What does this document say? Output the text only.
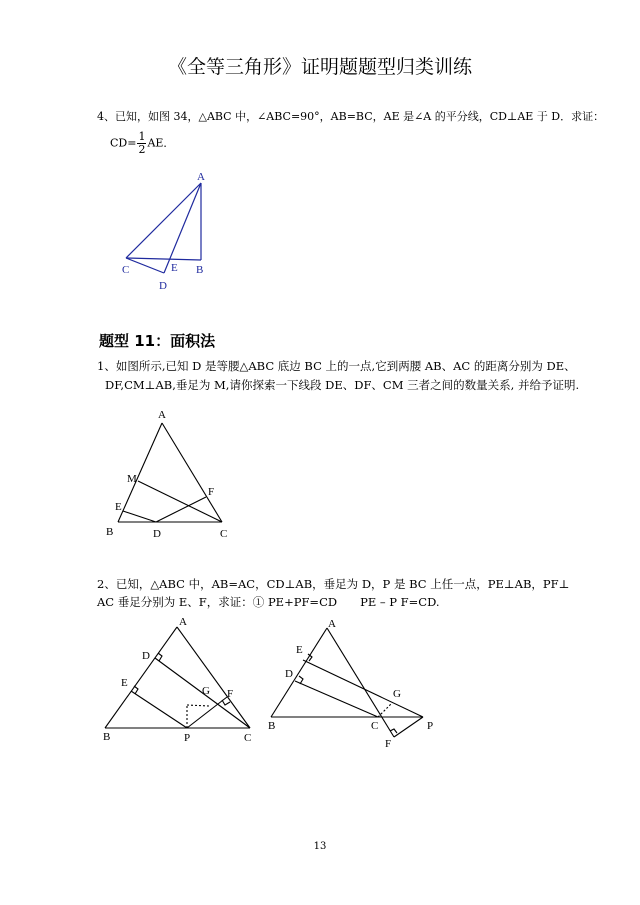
《全等三角形》证明题题型归类训练
4、已知，如图 34，△ABC 中，∠ABC=90°，AB=BC，AE 是∠A 的平分线，CD⊥AE 于 D．求证：
$CD= \frac{1}{2}$ AE．
题型 11：面积法
1、如图所示,已知 D 是等腰△ABC 底边 BC 上的一点,它到两腰 AB、AC 的距离分别为 DE、
DF,CM⊥AB,垂足为 M,请你探索一下线段 DE、DF、CM 三者之间的数量关系, 并给予证明.
2、已知，△ABC 中，AB=AC，CD⊥AB，垂足为 D，P 是 BC 上任一点，PE⊥AB，PF⊥
AC 垂足分别为 E、F，求证：① PE+PF=CD　　PE – P F=CD.
13
A
C	E B
D
A
M
F
E
B	D	C
A
D
E
G F
B	P	C
A
E
D
G
B	C	P
F
